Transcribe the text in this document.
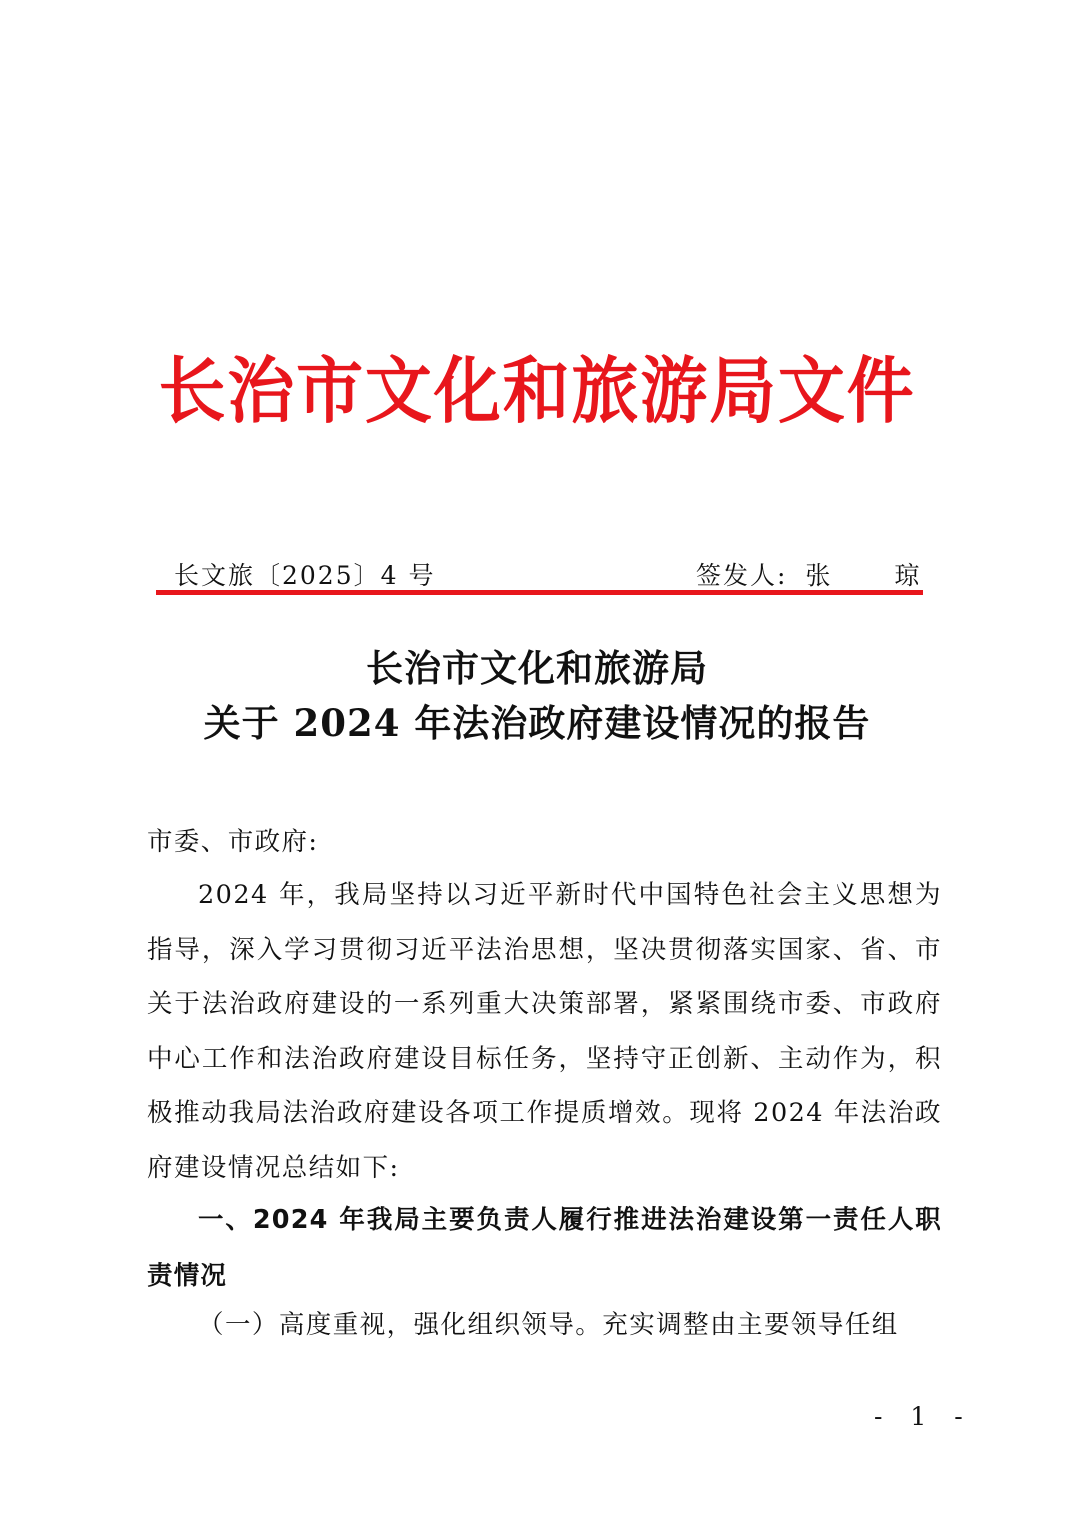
长治市文化和旅游局文件
长文旅〔2025〕4 号	签发人: 张 琼
长治市文化和旅游局
关于 2024 年法治政府建设情况的报告
市委、市政府:
2024 年，我局坚持以习近平新时代中国特色社会主义思想为指导，深入学习贯彻习近平法治思想，坚决贯彻落实国家、省、市关于法治政府建设的一系列重大决策部署，紧紧围绕市委、市政府中心工作和法治政府建设目标任务，坚持守正创新、主动作为，积极推动我局法治政府建设各项工作提质增效。现将 2024 年法治政府建设情况总结如下:
一、2024 年我局主要负责人履行推进法治建设第一责任人职责情况
（一）高度重视，强化组织领导。充实调整由主要领导任组
- 1 -
